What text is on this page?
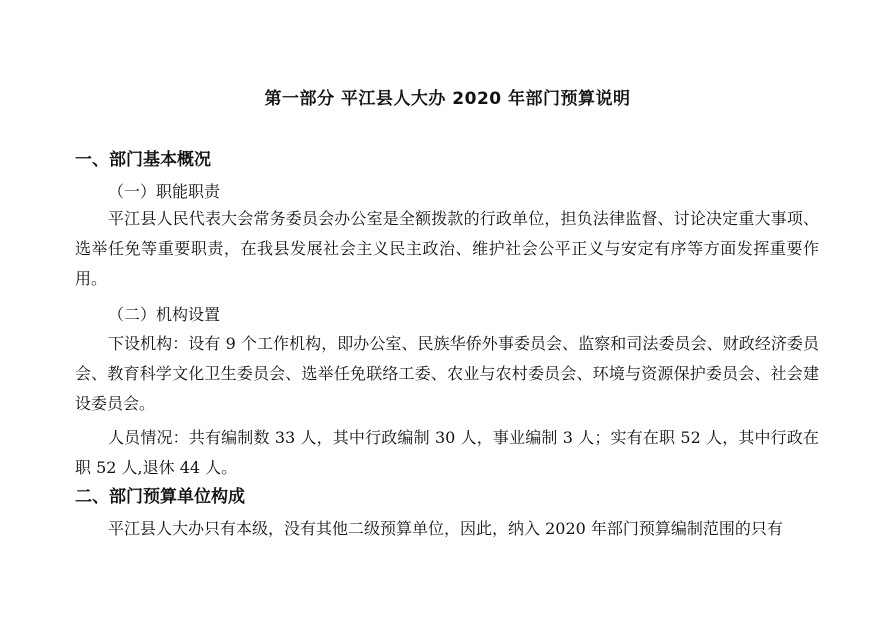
第一部分 平江县人大办 2020 年部门预算说明
一、部门基本概况
（一）职能职责
平江县人民代表大会常务委员会办公室是全额拨款的行政单位，担负法律监督、讨论决定重大事项、选举任免等重要职责，在我县发展社会主义民主政治、维护社会公平正义与安定有序等方面发挥重要作用。
（二）机构设置
下设机构：设有 9 个工作机构，即办公室、民族华侨外事委员会、监察和司法委员会、财政经济委员会、教育科学文化卫生委员会、选举任免联络工委、农业与农村委员会、环境与资源保护委员会、社会建设委员会。
人员情况：共有编制数 33 人，其中行政编制 30 人，事业编制 3 人；实有在职 52 人，其中行政在职 52 人,退休 44 人。
二、部门预算单位构成
平江县人大办只有本级，没有其他二级预算单位，因此，纳入 2020 年部门预算编制范围的只有
